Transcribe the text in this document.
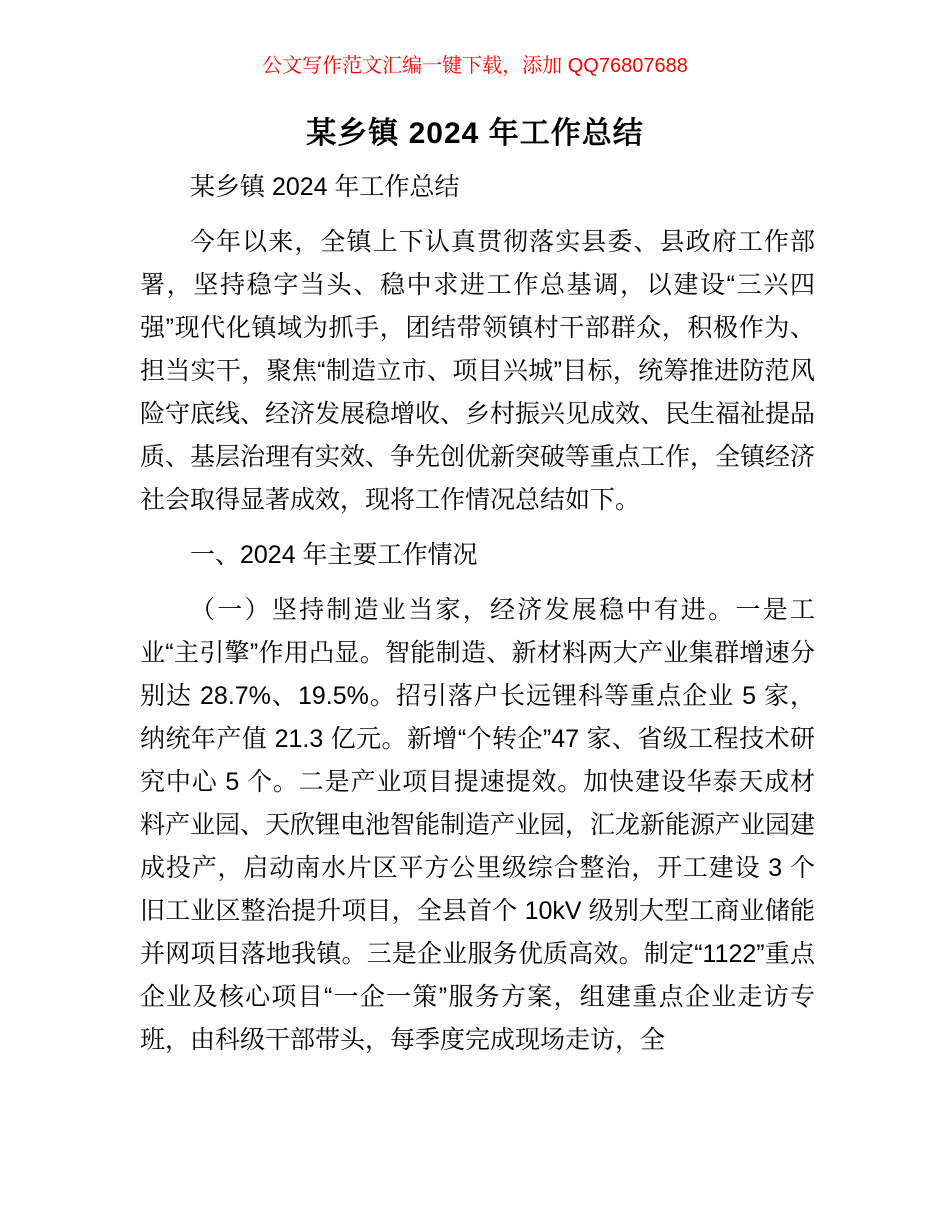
公文写作范文汇编一键下载，添加 QQ76807688

某乡镇 2024 年工作总结

某乡镇 2024 年工作总结

今年以来，全镇上下认真贯彻落实县委、县政府工作部署，坚持稳字当头、稳中求进工作总基调，以建设“三兴四强”现代化镇域为抓手，团结带领镇村干部群众，积极作为、担当实干，聚焦“制造立市、项目兴城”目标，统筹推进防范风险守底线、经济发展稳增收、乡村振兴见成效、民生福祉提品质、基层治理有实效、争先创优新突破等重点工作，全镇经济社会取得显著成效，现将工作情况总结如下。

一、2024 年主要工作情况

（一）坚持制造业当家，经济发展稳中有进。一是工业“主引擎”作用凸显。智能制造、新材料两大产业集群增速分别达 28.7%、19.5%。招引落户长远锂科等重点企业 5 家，纳统年产值 21.3 亿元。新增“个转企”47 家、省级工程技术研究中心 5 个。二是产业项目提速提效。加快建设华泰天成材料产业园、天欣锂电池智能制造产业园，汇龙新能源产业园建成投产，启动南水片区平方公里级综合整治，开工建设 3 个旧工业区整治提升项目，全县首个 10kV 级别大型工商业储能并网项目落地我镇。三是企业服务优质高效。制定“1122”重点企业及核心项目“一企一策”服务方案，组建重点企业走访专班，由科级干部带头，每季度完成现场走访，全
